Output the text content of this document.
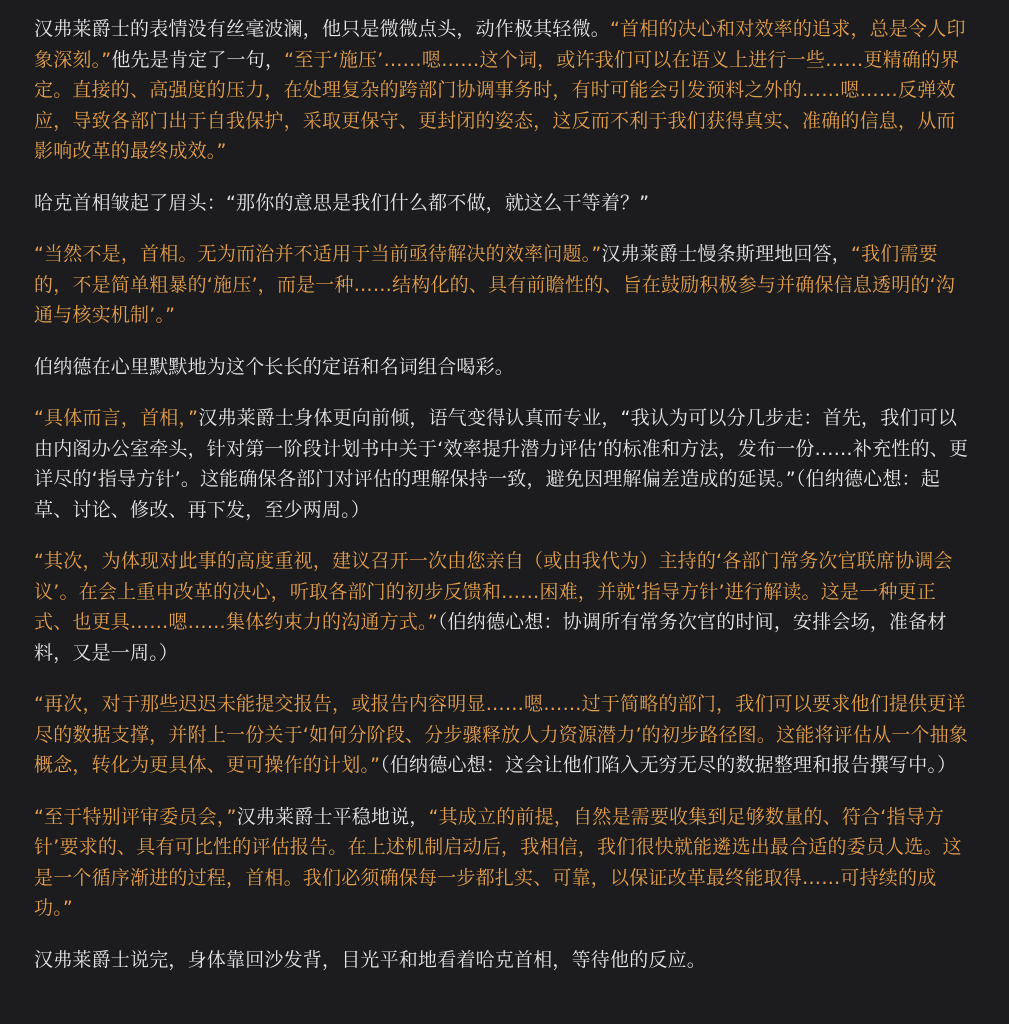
汉弗莱爵士的表情没有丝毫波澜，他只是微微点头，动作极其轻微。“首相的决心和对效率的追求，总是令人印象深刻。”他先是肯定了一句，“至于‘施压’……嗯……这个词，或许我们可以在语义上进行一些……更精确的界定。直接的、高强度的压力，在处理复杂的跨部门协调事务时，有时可能会引发预料之外的……嗯……反弹效应，导致各部门出于自我保护，采取更保守、更封闭的姿态，这反而不利于我们获得真实、准确的信息，从而影响改革的最终成效。”

哈克首相皱起了眉头：“那你的意思是我们什么都不做，就这么干等着？”

“当然不是，首相。无为而治并不适用于当前亟待解决的效率问题。”汉弗莱爵士慢条斯理地回答，“我们需要的，不是简单粗暴的‘施压’，而是一种……结构化的、具有前瞻性的、旨在鼓励积极参与并确保信息透明的‘沟通与核实机制’。”

伯纳德在心里默默地为这个长长的定语和名词组合喝彩。

“具体而言，首相，”汉弗莱爵士身体更向前倾，语气变得认真而专业，“我认为可以分几步走：首先，我们可以由内阁办公室牵头，针对第一阶段计划书中关于‘效率提升潜力评估’的标准和方法，发布一份……补充性的、更详尽的‘指导方针’。这能确保各部门对评估的理解保持一致，避免因理解偏差造成的延误。”（伯纳德心想：起草、讨论、修改、再下发，至少两周。）

“其次，为体现对此事的高度重视，建议召开一次由您亲自（或由我代为）主持的‘各部门常务次官联席协调会议’。在会上重申改革的决心，听取各部门的初步反馈和……困难，并就‘指导方针’进行解读。这是一种更正式、也更具……嗯……集体约束力的沟通方式。”（伯纳德心想：协调所有常务次官的时间，安排会场，准备材料，又是一周。）

“再次，对于那些迟迟未能提交报告，或报告内容明显……嗯……过于简略的部门，我们可以要求他们提供更详尽的数据支撑，并附上一份关于‘如何分阶段、分步骤释放人力资源潜力’的初步路径图。这能将评估从一个抽象概念，转化为更具体、更可操作的计划。”（伯纳德心想：这会让他们陷入无穷无尽的数据整理和报告撰写中。）

“至于特别评审委员会，”汉弗莱爵士平稳地说，“其成立的前提，自然是需要收集到足够数量的、符合‘指导方针’要求的、具有可比性的评估报告。在上述机制启动后，我相信，我们很快就能遴选出最合适的委员人选。这是一个循序渐进的过程，首相。我们必须确保每一步都扎实、可靠，以保证改革最终能取得……可持续的成功。”

汉弗莱爵士说完，身体靠回沙发背，目光平和地看着哈克首相，等待他的反应。
